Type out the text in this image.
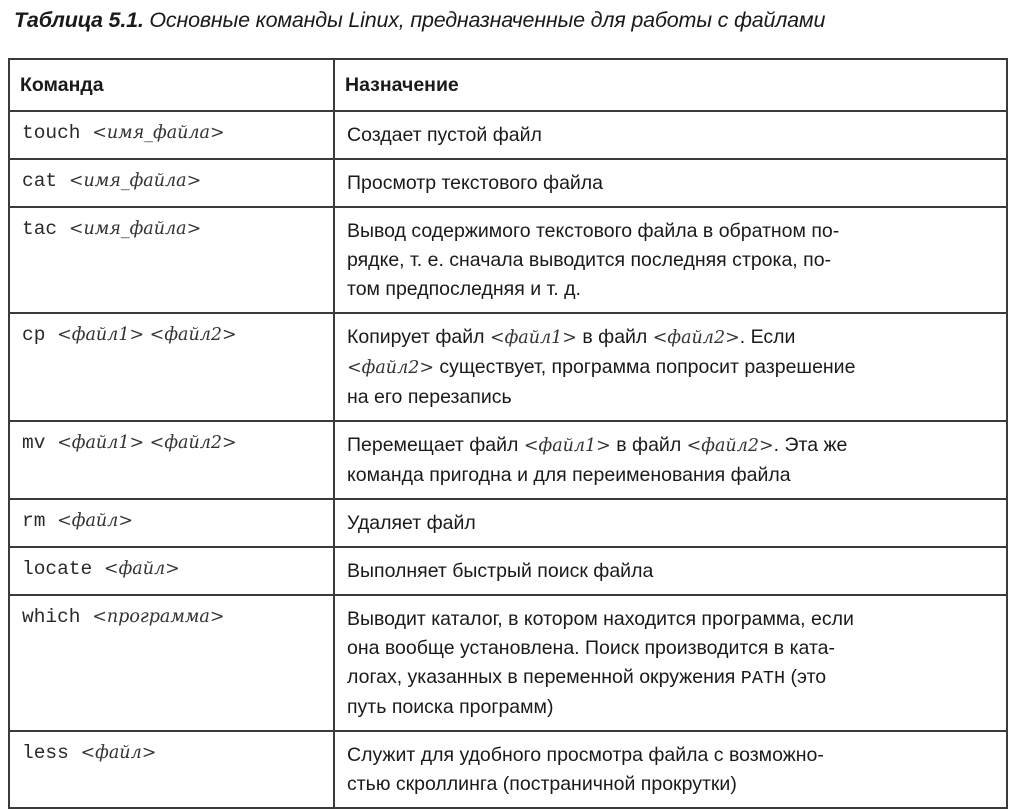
Таблица 5.1. Основные команды Linux, предназначенные для работы с файлами
Команда	Назначение

touch <имя_файла>	Создает пустой файл

cat <имя_файла>	Просмотр текстового файла

tac <имя_файла>	Вывод содержимого текстового файла в обратном по-
рядке, т. е. сначала выводится последняя строка, по-
том предпоследняя и т. д.

cp <файл1> <файл2>	Копирует файл <файл1> в файл <файл2>. Если
<файл2> существует, программа попросит разрешение
на его перезапись

mv <файл1> <файл2>	Перемещает файл <файл1> в файл <файл2>. Эта же
команда пригодна и для переименования файла

rm <файл>	Удаляет файл

locate <файл>	Выполняет быстрый поиск файла

which <программа>	Выводит каталог, в котором находится программа, если
она вообще установлена. Поиск производится в ката-
логах, указанных в переменной окружения PATH (это
путь поиска программ)

less <файл>	Служит для удобного просмотра файла с возможно-
стью скроллинга (постраничной прокрутки)
